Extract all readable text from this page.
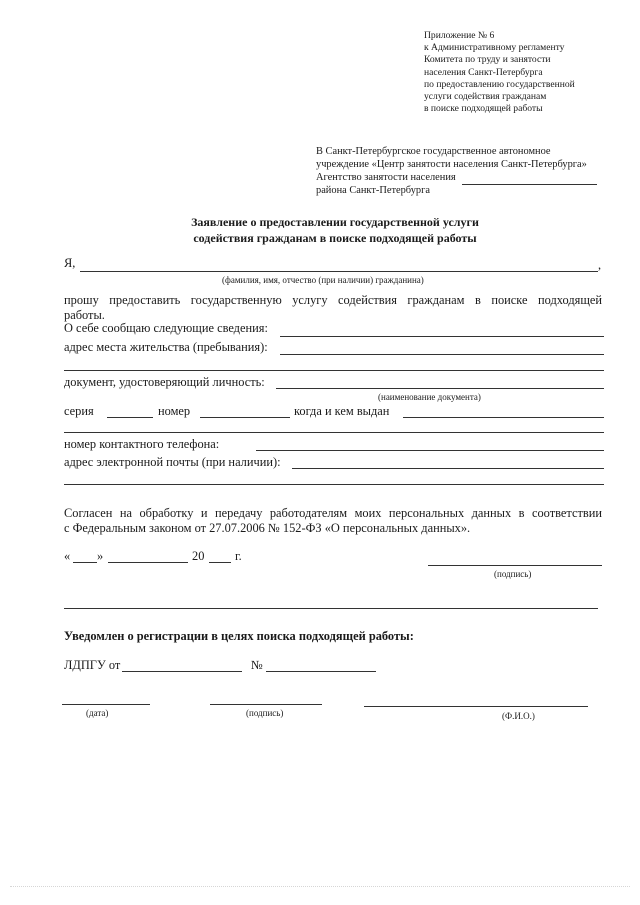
Приложение № 6
к Административному регламенту
Комитета по труду и занятости
населения Санкт-Петербурга
по предоставлению государственной
услуги содействия гражданам
в поиске подходящей работы
В Санкт-Петербургское государственное автономное
учреждение «Центр занятости населения Санкт-Петербурга»
Агентство занятости населения
района Санкт-Петербурга
Заявление о предоставлении государственной услуги
содействия гражданам в поиске подходящей работы
Я,	,
(фамилия, имя, отчество (при наличии) гражданина)
прошу предоставить государственную услугу содействия гражданам в поиске подходящей
работы.
О себе сообщаю следующие сведения:
адрес места жительства (пребывания):
документ, удостоверяющий личность:
(наименование документа)
серия	номер	когда и кем выдан
номер контактного телефона:
адрес электронной почты (при наличии):
Согласен на обработку и передачу работодателям моих персональных данных в соответствии
с Федеральным законом от 27.07.2006 № 152-ФЗ «О персональных данных».
« »	20 г.
(подпись)
Уведомлен о регистрации в целях поиска подходящей работы:
ЛДПГУ от	№
(дата)	(подпись)	(Ф.И.О.)
